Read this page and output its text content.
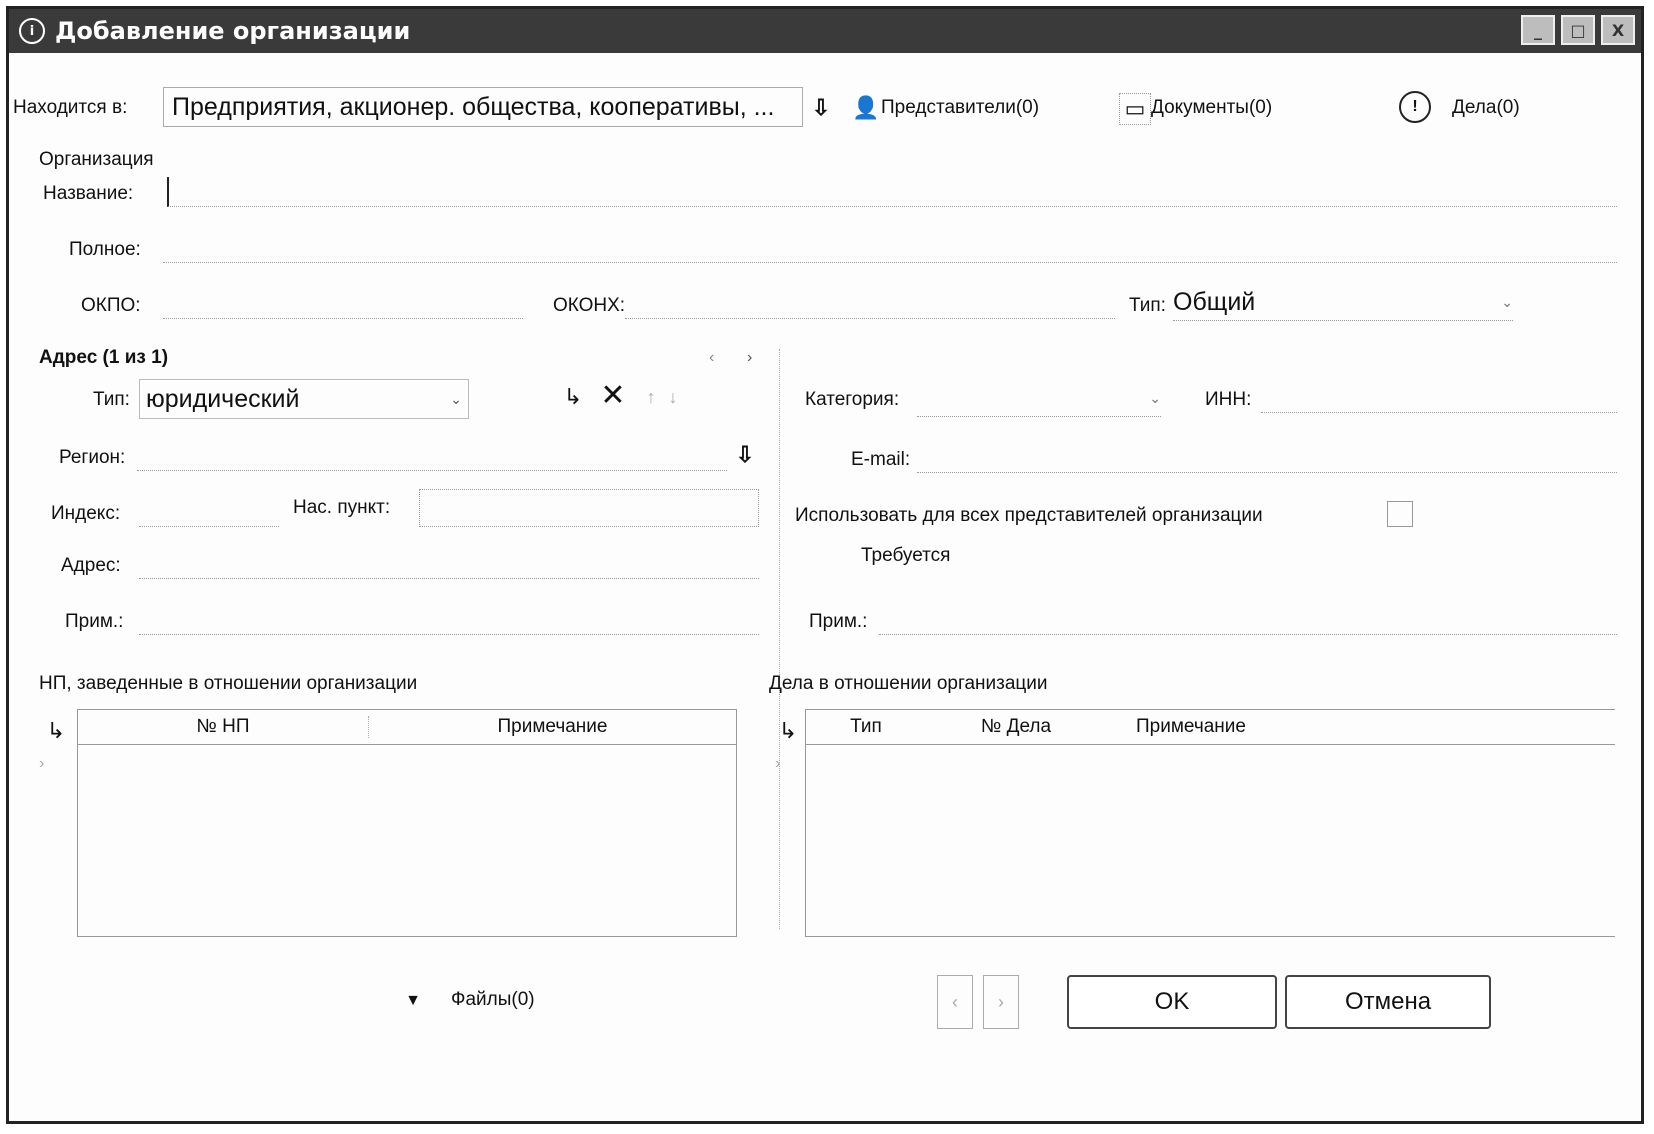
i Добавление организации	_	□	X
Находится в:	Предприятия, акционер. общества, кооперативы, ...	⇩ 👤 Представители(0)	▭ Документы(0)	!	Дела(0)
Организация
Название:
Полное:
ОКПО:	ОКОНХ:	Тип: Общий	⌄
Адрес (1 из 1)	‹ ›
Тип: юридический	⌄	↳ ✕	↑ ↓
Регион:	⇩
Индекс:	Нас. пункт:
Адрес:
Прим.:
Категория:	⌄ ИНН:
E-mail:
Использовать для всех представителей организации
Требуется
Прим.:
НП, заведенные в отношении организации
↳
›
№ НП	Примечание
Дела в отношении организации
↳
›
Тип	№ Дела	Примечание
▼ Файлы(0)	‹	›	OK	Отмена
